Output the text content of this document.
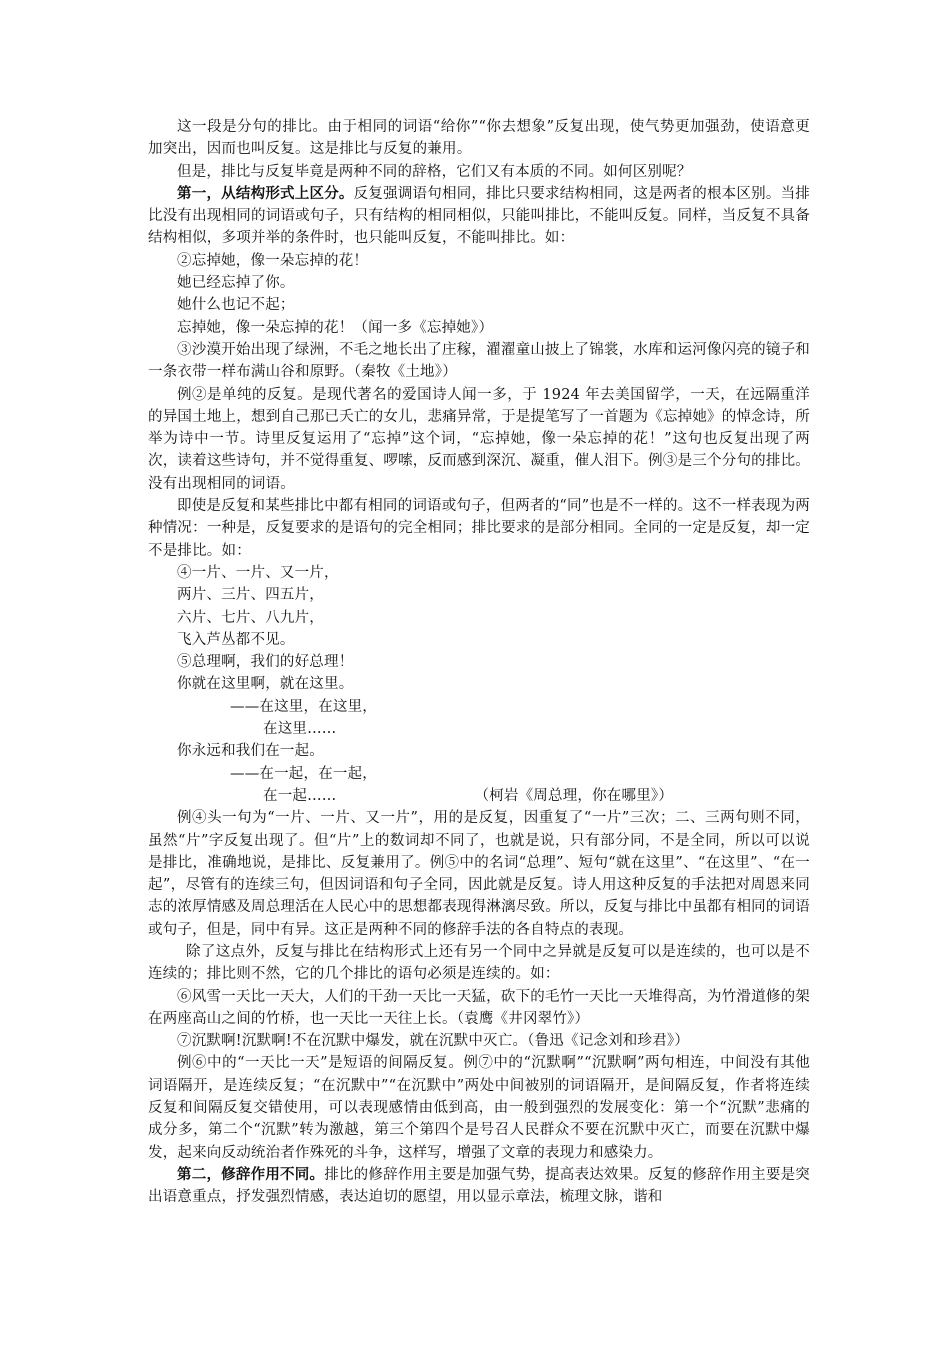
这一段是分句的排比。由于相同的词语“给你”“你去想象”反复出现，使气势更加强劲，使语意更加突出，因而也叫反复。这是排比与反复的兼用。

但是，排比与反复毕竟是两种不同的辞格，它们又有本质的不同。如何区别呢？

第一，从结构形式上区分。反复强调语句相同，排比只要求结构相同，这是两者的根本区别。当排比没有出现相同的词语或句子，只有结构的相同相似，只能叫排比，不能叫反复。同样，当反复不具备结构相似，多项并举的条件时，也只能叫反复，不能叫排比。如：

②忘掉她，像一朵忘掉的花！

她已经忘掉了你。

她什么也记不起；

忘掉她，像一朵忘掉的花！（闻一多《忘掉她》）

③沙漠开始出现了绿洲，不毛之地长出了庄稼，濯濯童山披上了锦裳，水库和运河像闪亮的镜子和一条衣带一样布满山谷和原野。（秦牧《土地》）

例②是单纯的反复。是现代著名的爱国诗人闻一多，于 1924 年去美国留学，一天，在远隔重洋的异国土地上，想到自己那已夭亡的女儿，悲痛异常，于是提笔写了一首题为《忘掉她》的悼念诗，所举为诗中一节。诗里反复运用了“忘掉”这个词，“忘掉她，像一朵忘掉的花！”这句也反复出现了两次，读着这些诗句，并不觉得重复、啰嗦，反而感到深沉、凝重，催人泪下。例③是三个分句的排比。没有出现相同的词语。

即使是反复和某些排比中都有相同的词语或句子，但两者的“同”也是不一样的。这不一样表现为两种情况：一种是，反复要求的是语句的完全相同；排比要求的是部分相同。全同的一定是反复，却一定不是排比。如：

④一片、一片、又一片，

两片、三片、四五片，

六片、七片、八九片，

飞入芦丛都不见。

⑤总理啊，我们的好总理！

你就在这里啊，就在这里。

——在这里，在这里，

在这里……

你永远和我们在一起。

——在一起，在一起，

在一起……	（柯岩《周总理，你在哪里》）

例④头一句为“一片、一片、又一片”，用的是反复，因重复了“一片”三次；二、三两句则不同，虽然“片”字反复出现了。但“片”上的数词却不同了，也就是说，只有部分同，不是全同，所以可以说是排比，准确地说，是排比、反复兼用了。例⑤中的名词“总理”、短句“就在这里”、“在这里”、“在一起”，尽管有的连续三句，但因词语和句子全同，因此就是反复。诗人用这种反复的手法把对周恩来同志的浓厚情感及周总理活在人民心中的思想都表现得淋漓尽致。所以，反复与排比中虽都有相同的词语或句子，但是，同中有异。这正是两种不同的修辞手法的各自特点的表现。

除了这点外，反复与排比在结构形式上还有另一个同中之异就是反复可以是连续的，也可以是不连续的；排比则不然，它的几个排比的语句必须是连续的。如：

⑥风雪一天比一天大，人们的干劲一天比一天猛，砍下的毛竹一天比一天堆得高，为竹滑道修的架在两座高山之间的竹桥，也一天比一天往上长。（袁鹰《井冈翠竹》）

⑦沉默啊!沉默啊!不在沉默中爆发，就在沉默中灭亡。（鲁迅《记念刘和珍君》）

例⑥中的“一天比一天”是短语的间隔反复。例⑦中的“沉默啊”“沉默啊”两句相连，中间没有其他词语隔开，是连续反复；“在沉默中”“在沉默中”两处中间被别的词语隔开，是间隔反复，作者将连续反复和间隔反复交错使用，可以表现感情由低到高，由一般到强烈的发展变化：第一个“沉默”悲痛的成分多，第二个“沉默”转为激越，第三个第四个是号召人民群众不要在沉默中灭亡，而要在沉默中爆发，起来向反动统治者作殊死的斗争，这样写，增强了文章的表现力和感染力。

第二，修辞作用不同。排比的修辞作用主要是加强气势，提高表达效果。反复的修辞作用主要是突出语意重点，抒发强烈情感，表达迫切的愿望，用以显示章法，梳理文脉，谐和
